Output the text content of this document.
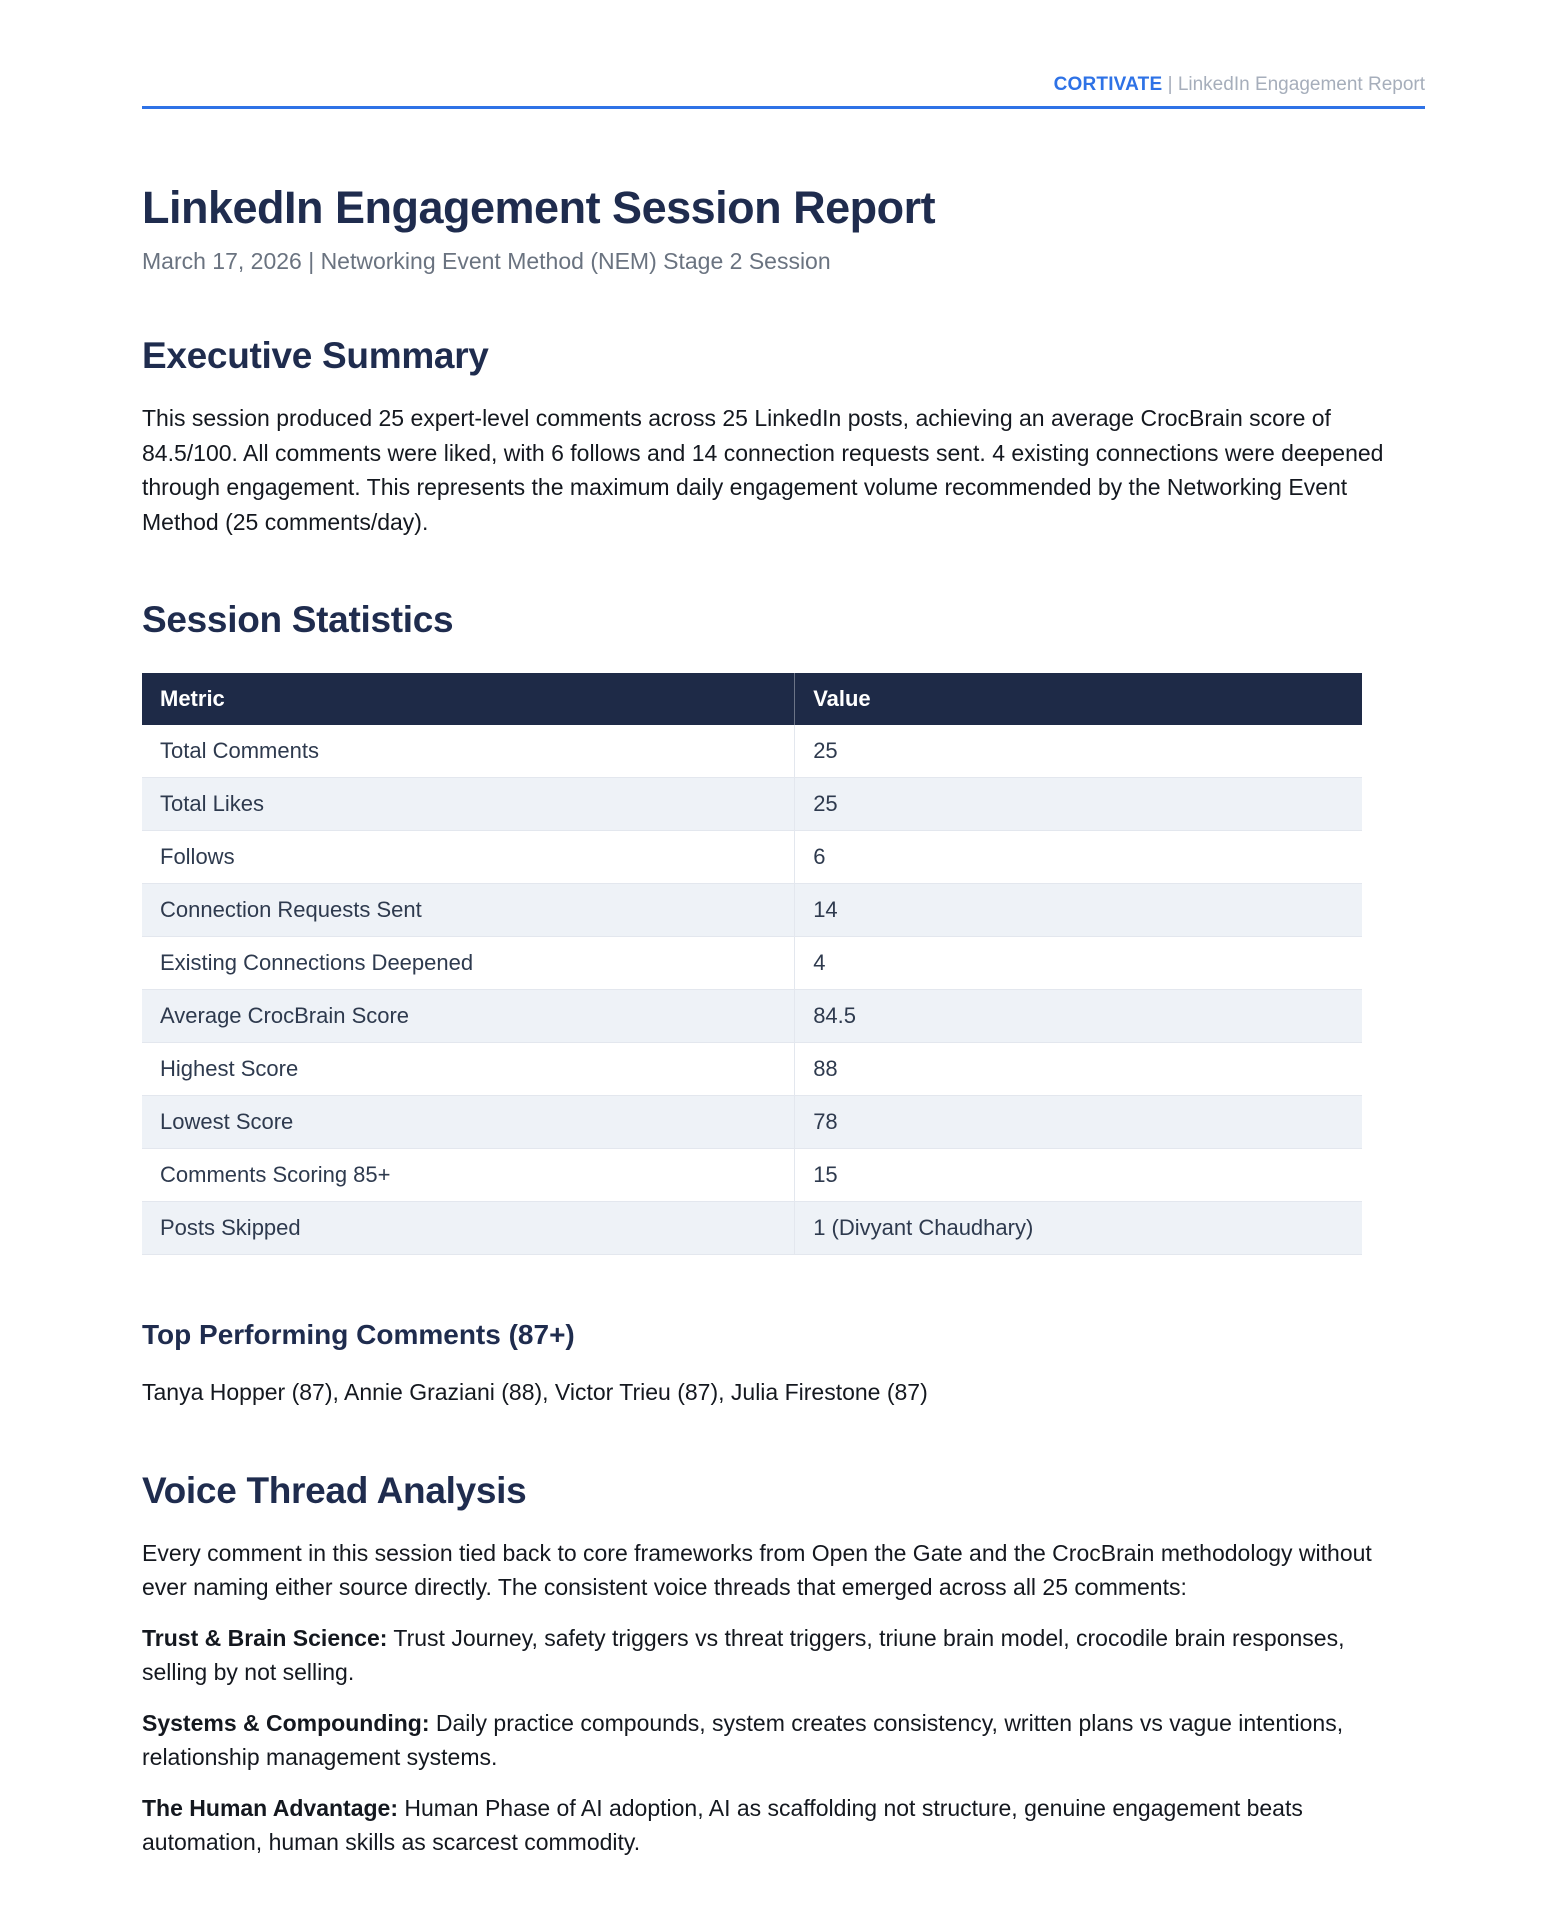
CORTIVATE | LinkedIn Engagement Report
LinkedIn Engagement Session Report
March 17, 2026 | Networking Event Method (NEM) Stage 2 Session
Executive Summary

This session produced 25 expert-level comments across 25 LinkedIn posts, achieving an average CrocBrain score of 84.5/100. All comments were liked, with 6 follows and 14 connection requests sent. 4 existing connections were deepened through engagement. This represents the maximum daily engagement volume recommended by the Networking Event Method (25 comments/day).

Session Statistics
Metric	Value
Total Comments	25
Total Likes	25
Follows	6
Connection Requests Sent	14
Existing Connections Deepened	4
Average CrocBrain Score	84.5
Highest Score	88
Lowest Score	78
Comments Scoring 85+	15
Posts Skipped	1 (Divyant Chaudhary)
Top Performing Comments (87+)

Tanya Hopper (87), Annie Graziani (88), Victor Trieu (87), Julia Firestone (87)

Voice Thread Analysis

Every comment in this session tied back to core frameworks from Open the Gate and the CrocBrain methodology without ever naming either source directly. The consistent voice threads that emerged across all 25 comments:

Trust & Brain Science: Trust Journey, safety triggers vs threat triggers, triune brain model, crocodile brain responses, selling by not selling.

Systems & Compounding: Daily practice compounds, system creates consistency, written plans vs vague intentions, relationship management systems.

The Human Advantage: Human Phase of AI adoption, AI as scaffolding not structure, genuine engagement beats automation, human skills as scarcest commodity.
